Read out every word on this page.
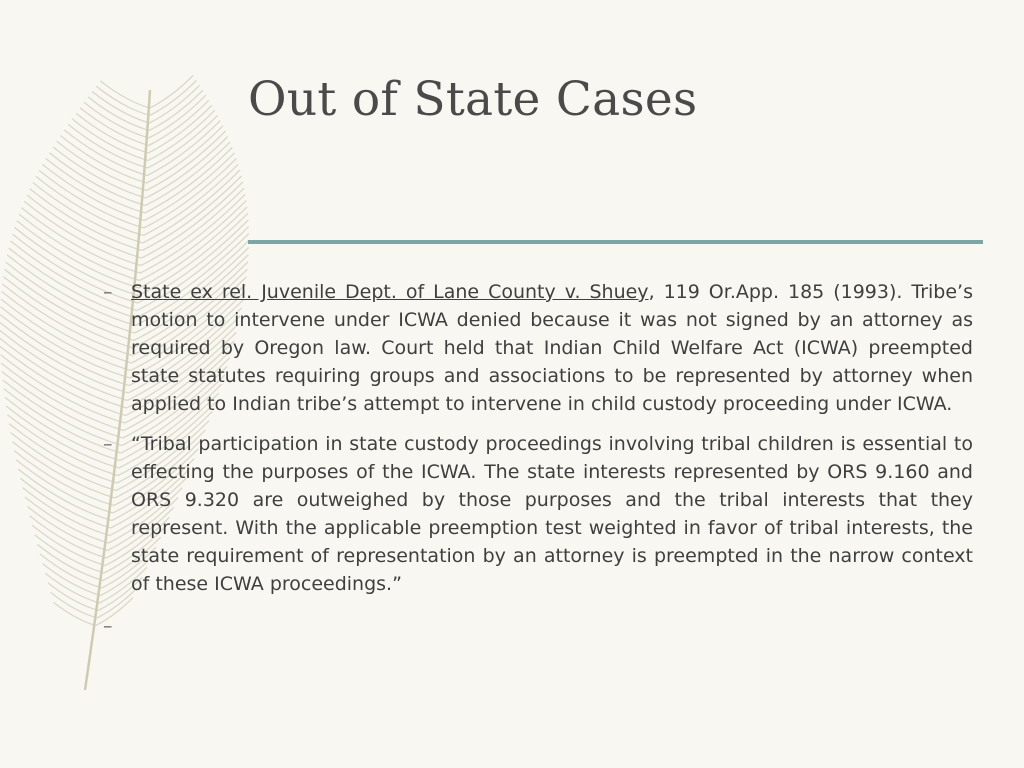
Out of State Cases
– State ex rel. Juvenile Dept. of Lane County v. Shuey, 119 Or.App. 185 (1993). Tribe’s motion to intervene under ICWA denied because it was not signed by an attorney as required by Oregon law. Court held that Indian Child Welfare Act (ICWA) preempted state statutes requiring groups and associations to be represented by attorney when applied to Indian tribe’s attempt to intervene in child custody proceeding under ICWA.
– “Tribal participation in state custody proceedings involving tribal children is essential to effecting the purposes of the ICWA. The state interests represented by ORS 9.160 and ORS 9.320 are outweighed by those purposes and the tribal interests that they represent. With the applicable preemption test weighted in favor of tribal interests, the state requirement of representation by an attorney is preempted in the narrow context of these ICWA proceedings.”
–
